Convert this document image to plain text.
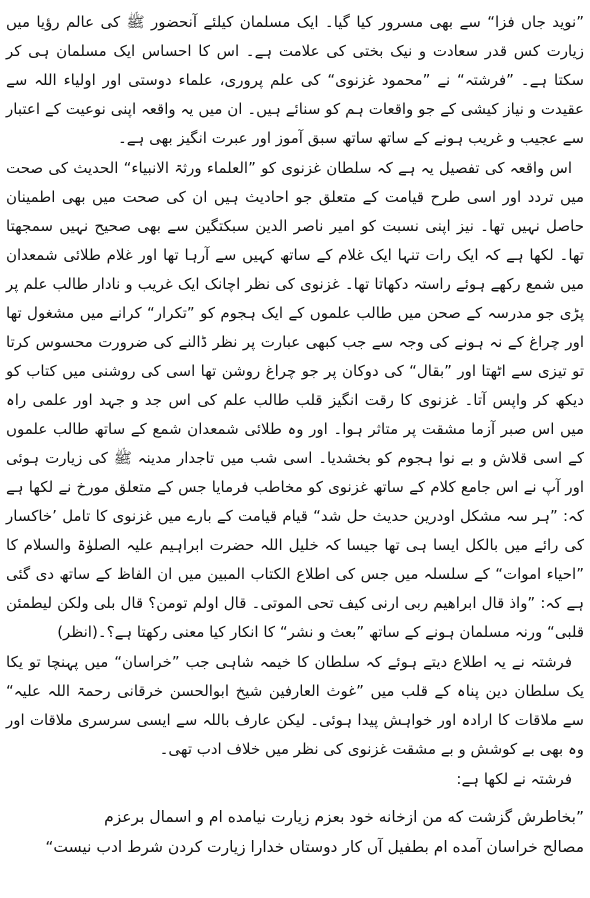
”نوید جاں فزا“ سے بھی مسرور کیا گیا۔ ایک مسلمان کیلئے آنحضور ﷺ کی عالم رؤیا میں زیارت کس قدر سعادت و نیک بختی کی علامت ہے۔ اس کا احساس ایک مسلمان ہی کر سکتا ہے۔ ”فرشتہ“ نے ”محمود غزنوی“ کی علم پروری، علماء دوستی اور اولیاء اللہ سے عقیدت و نیاز کیشی کے جو واقعات ہم کو سنائے ہیں۔ ان میں یہ واقعہ اپنی نوعیت کے اعتبار سے عجیب و غریب ہونے کے ساتھ ساتھ سبق آموز اور عبرت انگیز بھی ہے۔

اس واقعہ کی تفصیل یہ ہے کہ سلطان غزنوی کو ”العلماء ورثۃ الانبیاء“ الحدیث کی صحت میں تردد اور اسی طرح قیامت کے متعلق جو احادیث ہیں ان کی صحت میں بھی اطمینان حاصل نہیں تھا۔ نیز اپنی نسبت کو امیر ناصر الدین سبکتگین سے بھی صحیح نہیں سمجھتا تھا۔ لکھا ہے کہ ایک رات تنہا ایک غلام کے ساتھ کہیں سے آرہا تھا اور غلام طلائی شمعدان میں شمع رکھے ہوئے راستہ دکھاتا تھا۔ غزنوی کی نظر اچانک ایک غریب و نادار طالب علم پر پڑی جو مدرسہ کے صحن میں طالب علموں کے ایک ہجوم کو ”تکرار“ کرانے میں مشغول تھا اور چراغ کے نہ ہونے کی وجہ سے جب کبھی عبارت پر نظر ڈالنے کی ضرورت محسوس کرتا تو تیزی سے اٹھتا اور ”بقال“ کی دوکان پر جو چراغ روشن تھا اسی کی روشنی میں کتاب کو دیکھ کر واپس آتا۔ غزنوی کا رقت انگیز قلب طالب علم کی اس جد و جہد اور علمی راہ میں اس صبر آزما مشقت پر متاثر ہوا۔ اور وہ طلائی شمعدان شمع کے ساتھ طالب علموں کے اسی قلاش و بے نوا ہجوم کو بخشدیا۔ اسی شب میں تاجدار مدینہ ﷺ کی زیارت ہوئی اور آپ نے اس جامع کلام کے ساتھ غزنوی کو مخاطب فرمایا جس کے متعلق مورخ نے لکھا ہے کہ: ”ہر سہ مشکل اودرین حدیث حل شد“ قیام قیامت کے بارے میں غزنوی کا تامل ’خاکسار کی رائے میں بالکل ایسا ہی تھا جیسا کہ خلیل اللہ حضرت ابراہیم علیہ الصلوٰۃ والسلام کا ”احیاء اموات“ کے سلسلہ میں جس کی اطلاع الکتاب المبین میں ان الفاظ کے ساتھ دی گئی ہے کہ: ”واذ قال ابراھیم ربی ارنی کیف تحی الموتی۔ قال اولم تومن؟ قال بلی ولکن لیطمئن قلبی“ ورنہ مسلمان ہونے کے ساتھ ”بعث و نشر“ کا انکار کیا معنی رکھتا ہے؟۔(انظر)

فرشتہ نے یہ اطلاع دیتے ہوئے کہ سلطان کا خیمہ شاہی جب ”خراسان“ میں پہنچا تو یکا یک سلطان دین پناہ کے قلب میں ”غوث العارفین شیخ ابوالحسن خرقانی رحمۃ اللہ علیہ“ سے ملاقات کا ارادہ اور خواہش پیدا ہوئی۔ لیکن عارف باللہ سے ایسی سرسری ملاقات اور وہ بھی بے کوشش و بے مشقت غزنوی کی نظر میں خلاف ادب تھی۔

فرشتہ نے لکھا ہے:

”بخاطرش گزشت که من ازخانه خود بعزم زیارت نیامده ام و اسمال برعزم

مصالح خراسان آمده ام بطفیل آں کار دوستاں خدارا زیارت کردن شرط ادب نیست“
